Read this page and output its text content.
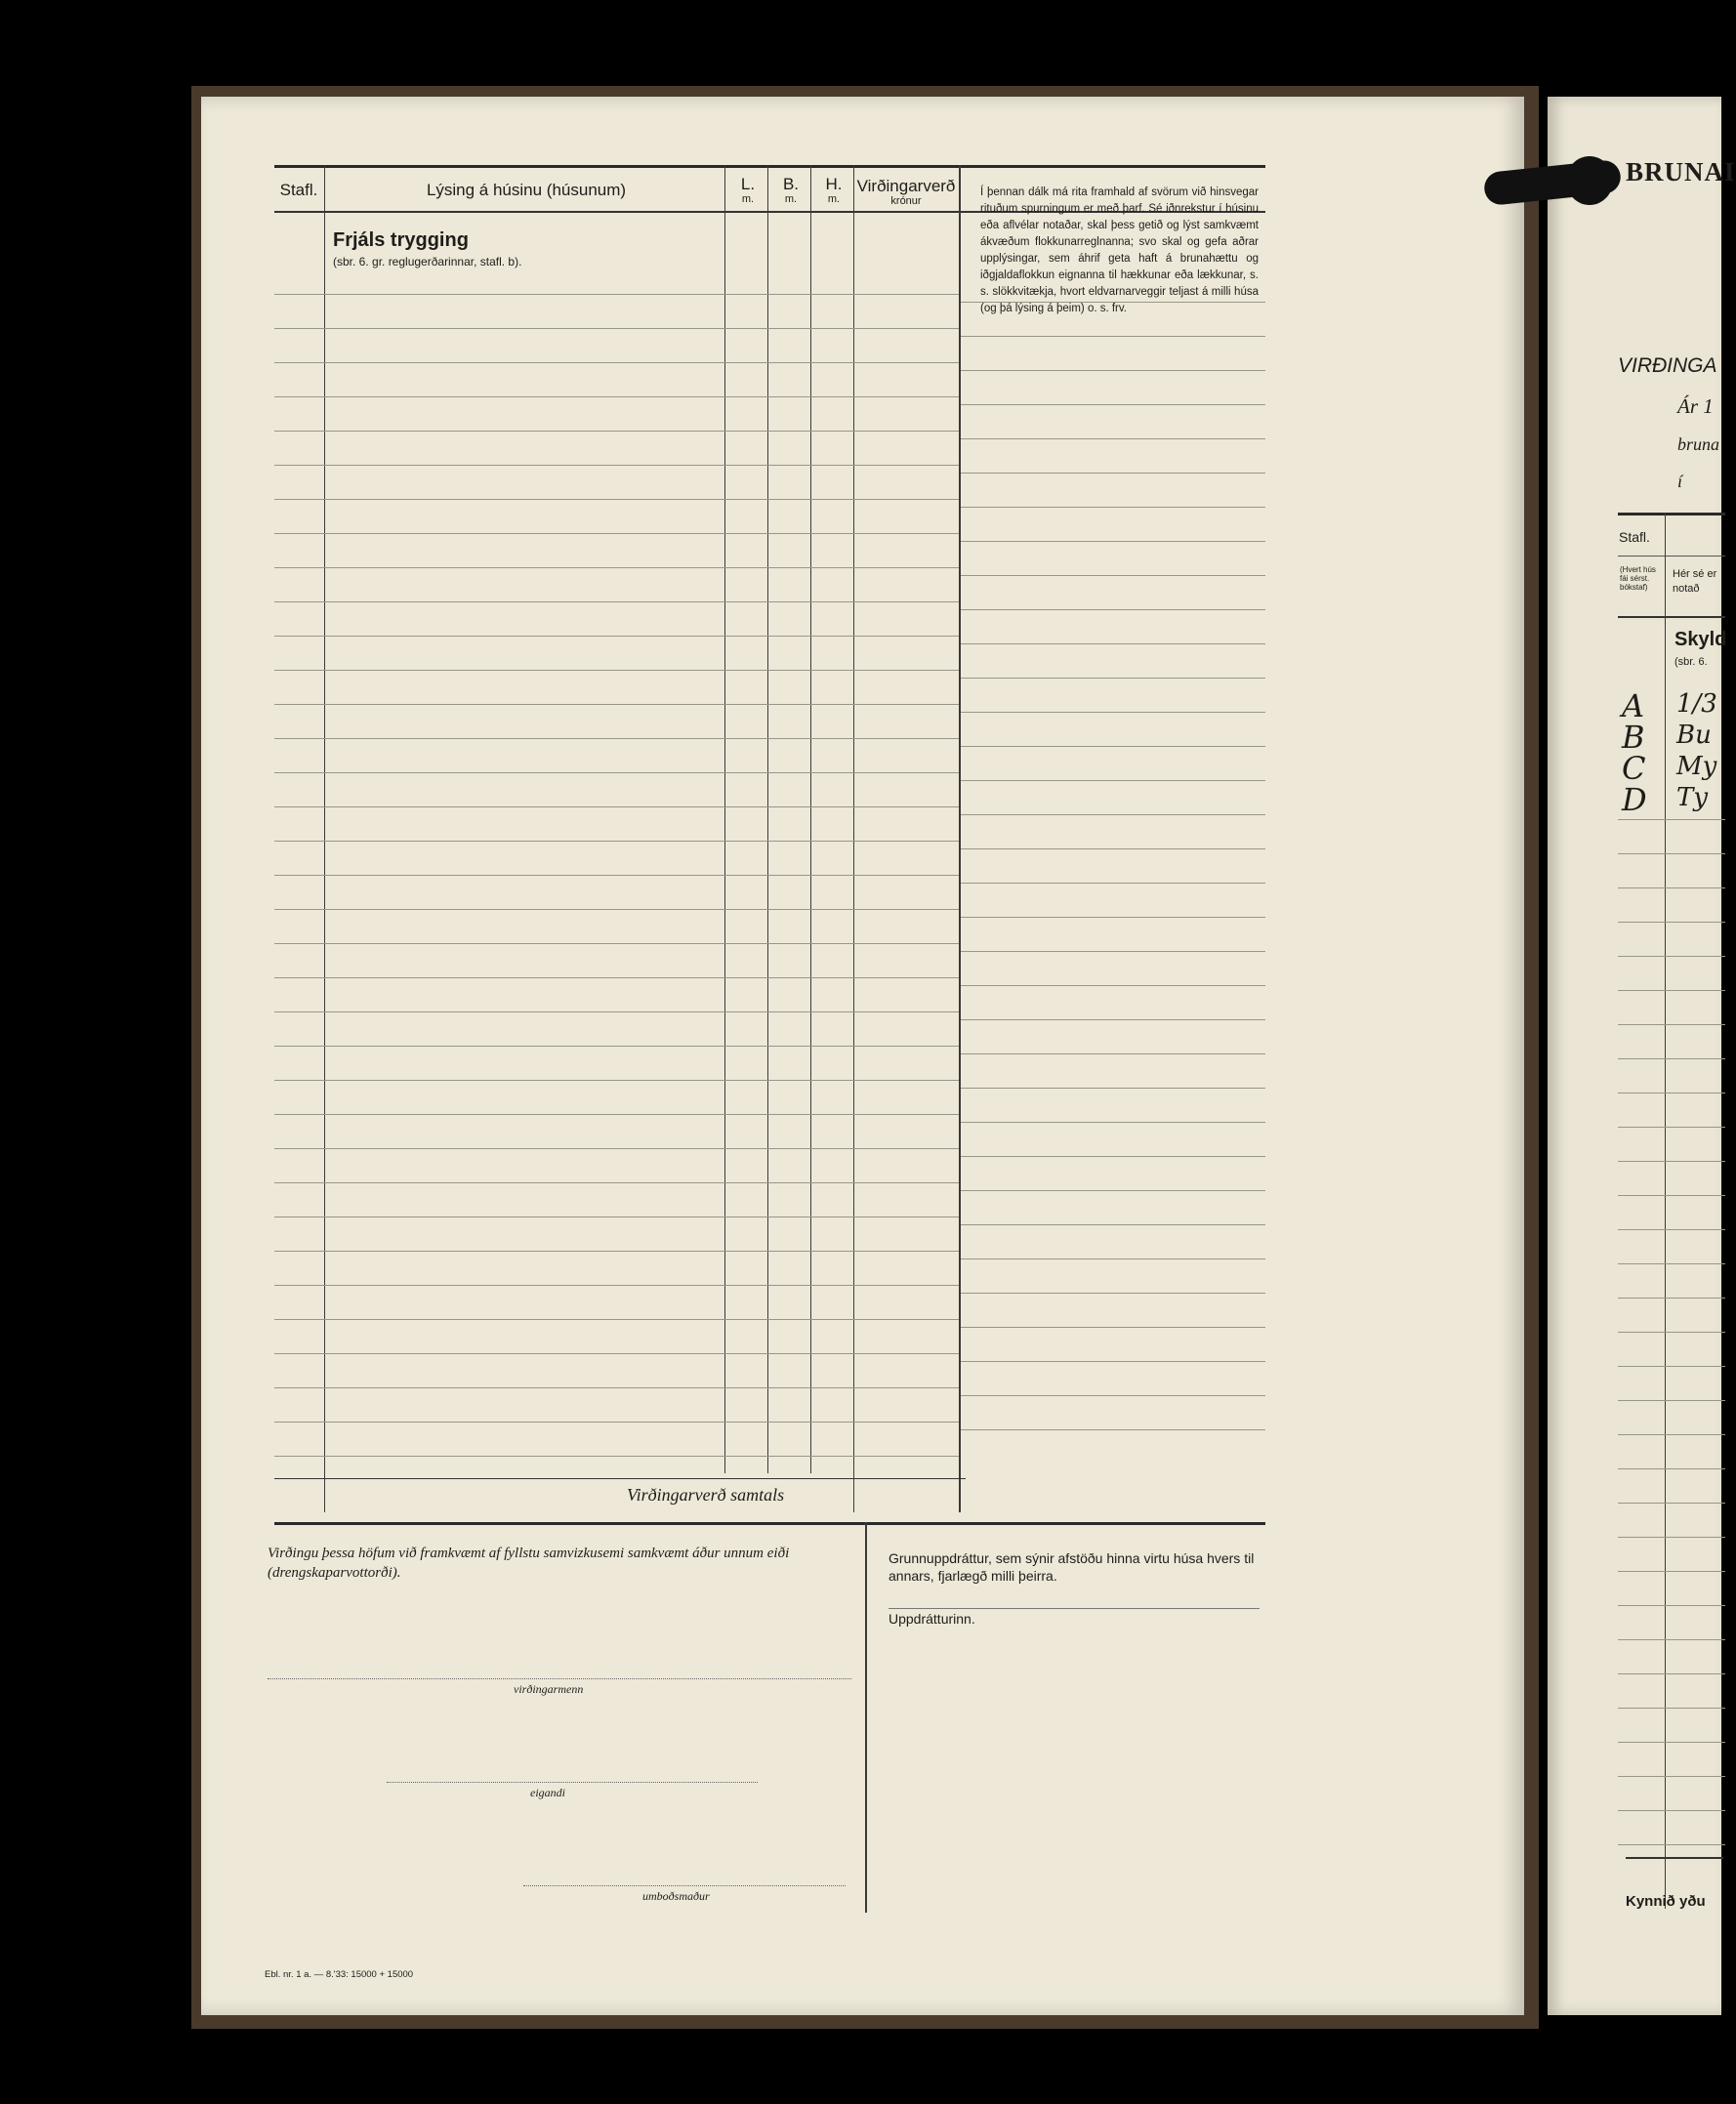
Stafl.	Lýsing á húsinu (húsunum)	L.
m.
B.
m.
H.
m.
Virðingarverð
krónur
Frjáls trygging
(sbr. 6. gr. reglugerðarinnar, stafl. b).
Í þennan dálk má rita framhald af svörum við hinsvegar rituðum spurningum er með þarf. Sé iðnrekstur í húsinu eða aflvélar notaðar, skal þess getið og lýst samkvæmt ákvæðum flokkunarreglnanna; svo skal og gefa aðrar upplýsingar, sem áhrif geta haft á brunahættu og iðgjaldaflokkun eignanna til hækkunar eða lækkunar, s. s. slökkvitækja, hvort eldvarnarveggir teljast á milli húsa (og þá lýsing á þeim) o. s. frv.
Virðingarverð samtals
Virðingu þessa höfum við framkvæmt af fyllstu samvizkusemi samkvæmt áður unnum eiði (drengskaparvottorði).
virðingarmenn
eigandi
umboðsmaður
Grunnuppdráttur, sem sýnir afstöðu hinna virtu húsa hvers til annars, fjarlægð milli þeirra.
Uppdrátturinn.
Ebl. nr. 1 a. — 8.'33: 15000 + 15000
BRUNAI
VIRÐINGA
Ár 1
bruna
í
Stafl.
(Hvert hús fái sérst. bókstaf)
Hér sé er notað
Skyld
(sbr. 6.
A
B
C
D
1/3
Bu
My
Ty
Kynnið yðu
